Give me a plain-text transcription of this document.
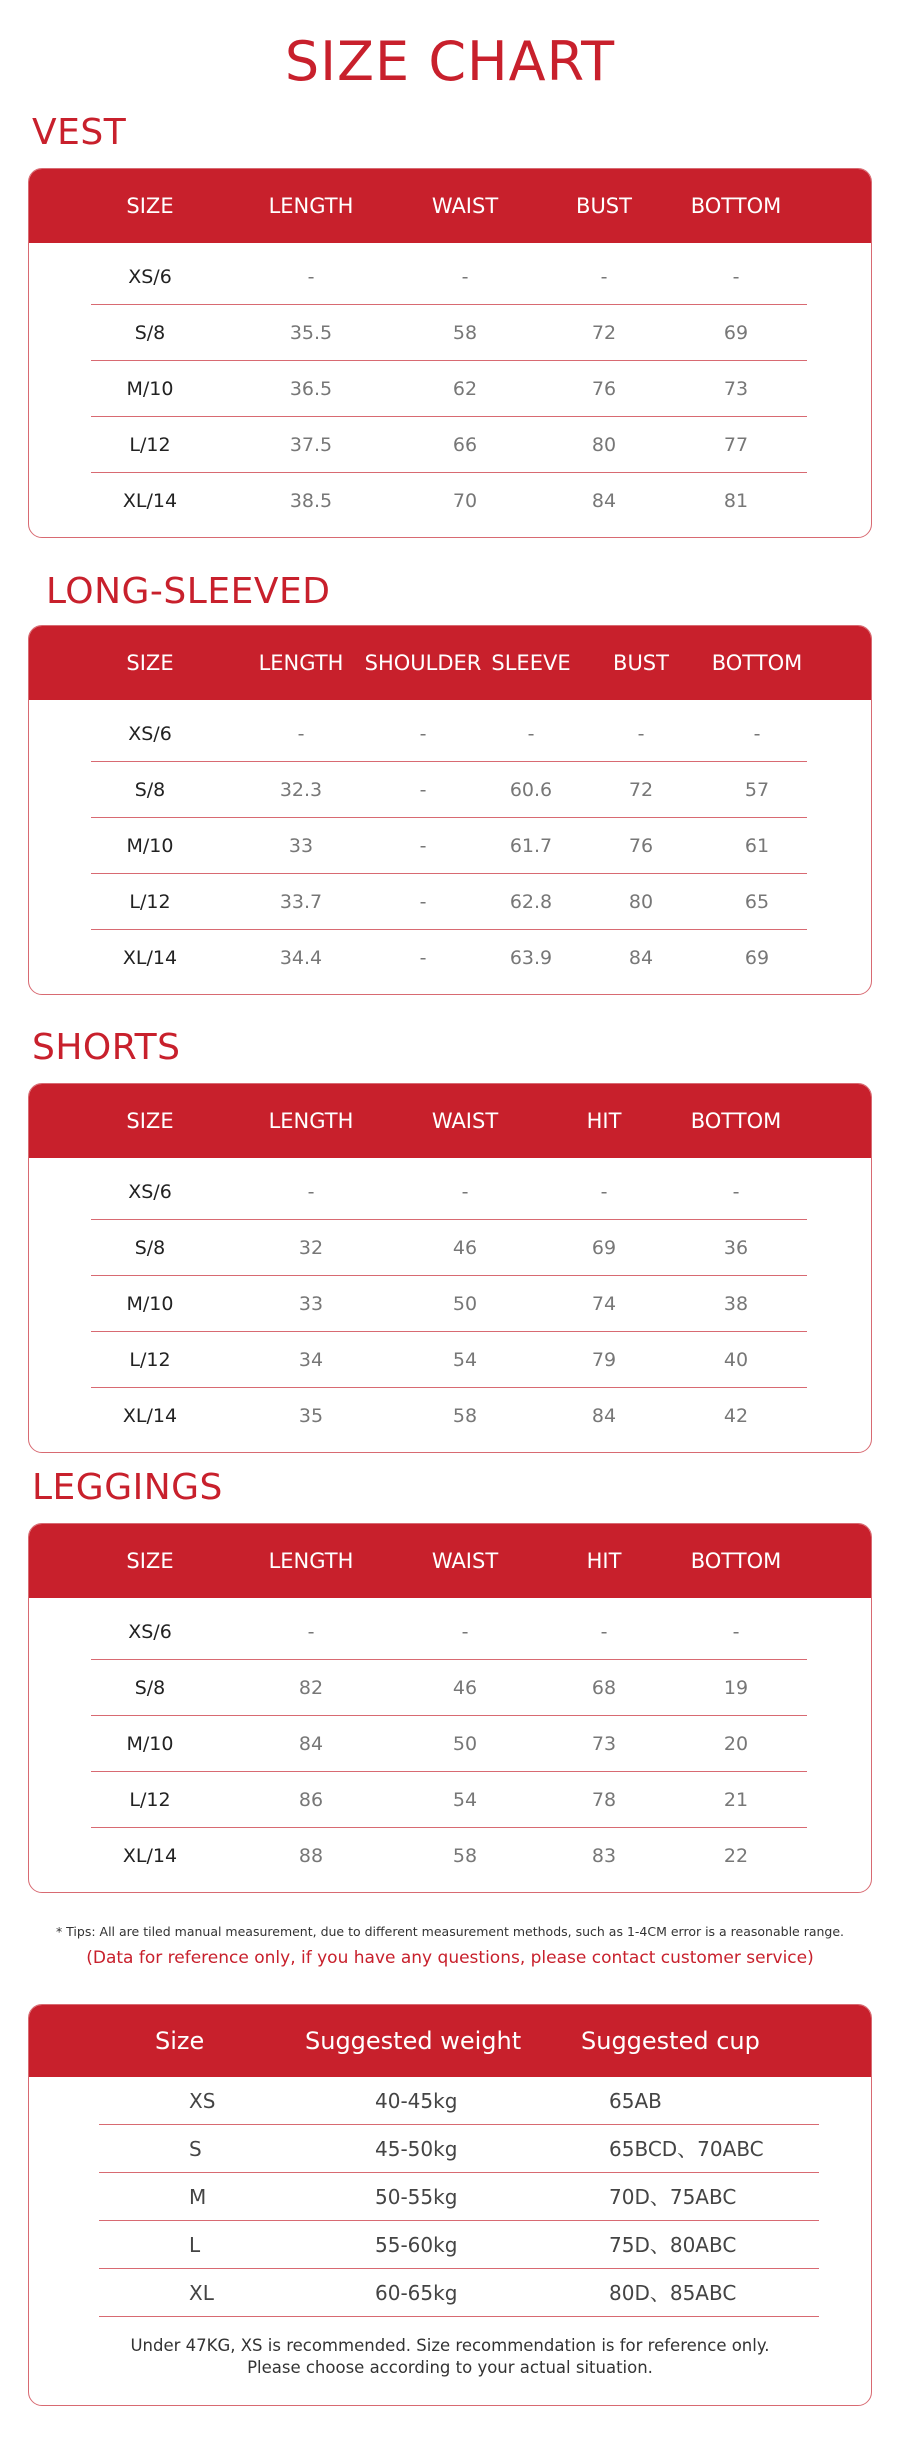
SIZE CHART
VEST
SIZE	LENGTH	WAIST	BUST	BOTTOM
XS/6	-	-	-	-
S/8	35.5	58	72	69
M/10	36.5	62	76	73
L/12	37.5	66	80	77
XL/14	38.5	70	84	81
LONG-SLEEVED
SIZE	LENGTH SHOULDER SLEEVE BUST BOTTOM
XS/6	-	-	-	-	-
S/8	32.3	-	60.6	72	57
M/10	33	-	61.7	76	61
L/12	33.7	-	62.8	80	65
XL/14	34.4	-	63.9	84	69
SHORTS
SIZE	LENGTH	WAIST	HIT	BOTTOM
XS/6	-	-	-	-
S/8	32	46	69	36
M/10	33	50	74	38
L/12	34	54	79	40
XL/14	35	58	84	42
LEGGINGS
SIZE	LENGTH	WAIST	HIT	BOTTOM
XS/6	-	-	-	-
S/8	82	46	68	19
M/10	84	50	73	20
L/12	86	54	78	21
XL/14	88	58	83	22
* Tips: All are tiled manual measurement, due to different measurement methods, such as 1-4CM error is a reasonable range.
(Data for reference only, if you have any questions, please contact customer service)
Size	Suggested weight Suggested cup
XS	40-45kg	65AB
S	45-50kg	65BCD、70ABC
M	50-55kg	70D、75ABC
L	55-60kg	75D、80ABC
XL	60-65kg	80D、85ABC
Under 47KG, XS is recommended. Size recommendation is for reference only.
Please choose according to your actual situation.
